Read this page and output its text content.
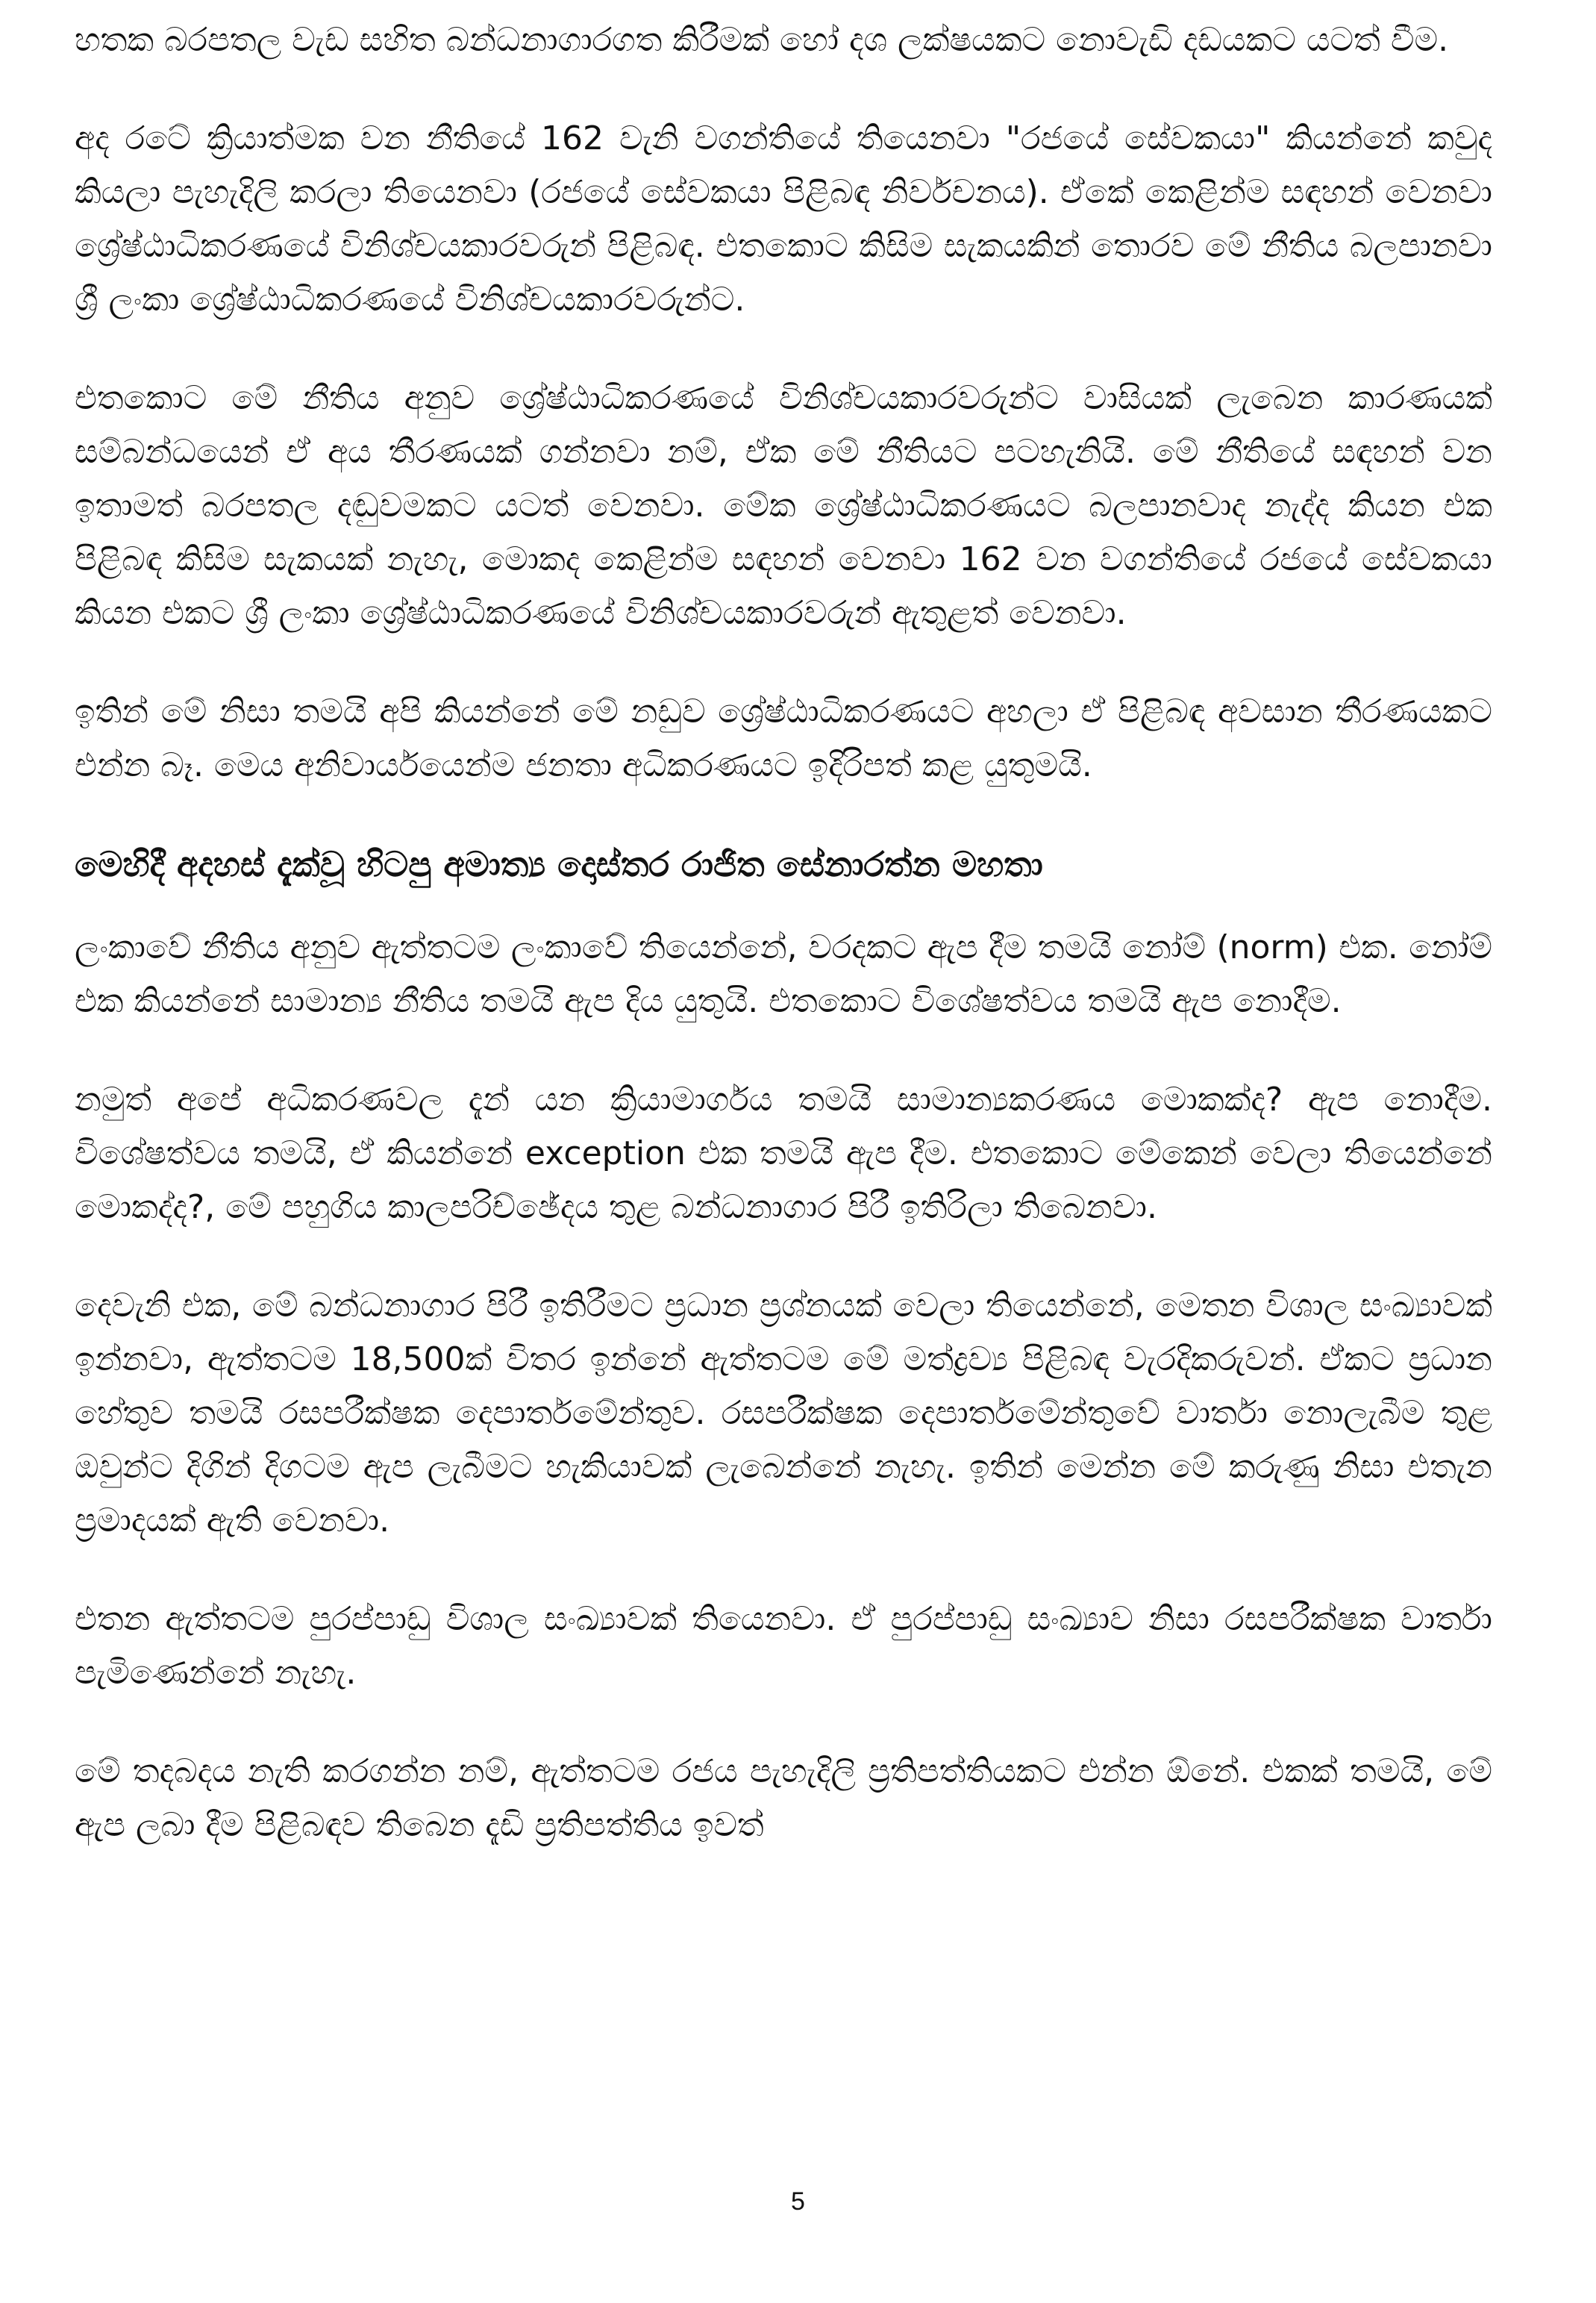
හතක බරපතල වැඩ සහිත බන්ධනාගාරගත කිරීමක් හෝ දශ ලක්ෂයකට නොවැඩි දඩයකට යටත් වීම.

අද රටේ ක්‍රියාත්මක වන නීතියේ 162 වැනි වගන්තියේ තියෙනවා "රජයේ සේවකයා" කියන්නේ කවුද කියලා පැහැදිලි කරලා තියෙනවා (රජයේ සේවකයා පිළිබඳ නිර්වචනය). ඒකේ කෙළින්ම සඳහන් වෙනවා ශ්‍රේෂ්ඨාධිකරණයේ විනිශ්චයකාරවරුන් පිළිබඳ. එතකොට කිසිම සැකයකින් තොරව මේ නීතිය බලපානවා ශ්‍රී ලංකා ශ්‍රේෂ්ඨාධිකරණයේ විනිශ්චයකාරවරුන්ට.

එතකොට මේ නීතිය අනුව ශ්‍රේෂ්ඨාධිකරණයේ විනිශ්චයකාරවරුන්ට වාසියක් ලැබෙන කාරණයක් සම්බන්ධයෙන් ඒ අය තීරණයක් ගන්නවා නම්, ඒක මේ නීතියට පටහැනියි. මේ නීතියේ සඳහන් වන ඉතාමත් බරපතල දඬුවමකට යටත් වෙනවා. මේක ශ්‍රේෂ්ඨාධිකරණයට බලපානවාද නැද්ද කියන එක පිළිබඳ කිසිම සැකයක් නැහැ, මොකද කෙළින්ම සඳහන් වෙනවා 162 වන වගන්තියේ රජයේ සේවකයා කියන එකට ශ්‍රී ලංකා ශ්‍රේෂ්ඨාධිකරණයේ විනිශ්චයකාරවරුන් ඇතුළත් වෙනවා.

ඉතින් මේ නිසා තමයි අපි කියන්නේ මේ නඩුව ශ්‍රේෂ්ඨාධිකරණයට අහලා ඒ පිළිබඳ අවසාන තීරණයකට එන්න බෑ. මෙය අනිවාර්යයෙන්ම ජනතා අධිකරණයට ඉදිරිපත් කළ යුතුමයි.

මෙහිදී අදහස් දැක්වූ හිටපු අමාත්‍ය දොස්තර රාජිත සේනාරත්න මහතා

ලංකාවේ නීතිය අනුව ඇත්තටම ලංකාවේ තියෙන්නේ, වරදකට ඇප දීම තමයි නෝම් (norm) එක. නෝම් එක කියන්නේ සාමාන්‍ය නීතිය තමයි ඇප දිය යුතුයි. එතකොට විශේෂත්වය තමයි ඇප නොදීම.

නමුත් අපේ අධිකරණවල දැන් යන ක්‍රියාමාර්ගය තමයි සාමාන්‍යකරණය මොකක්ද? ඇප නොදීම. විශේෂත්වය තමයි, ඒ කියන්නේ exception එක තමයි ඇප දීම. එතකොට මේකෙන් වෙලා තියෙන්නේ මොකද්ද?, මේ පහුගිය කාලපරිච්ඡේදය තුළ බන්ධනාගාර පිරී ඉතිරිලා තිබෙනවා.

දෙවැනි එක, මේ බන්ධනාගාර පිරී ඉතිරීමට ප්‍රධාන ප්‍රශ්නයක් වෙලා තියෙන්නේ, මෙතන විශාල සංඛ්‍යාවක් ඉන්නවා, ඇත්තටම 18,500ක් විතර ඉන්නේ ඇත්තටම මේ මත්ද්‍රව්‍ය පිළිබඳ වැරදිකරුවන්. ඒකට ප්‍රධාන හේතුව තමයි රසපරීක්ෂක දෙපාර්තමේන්තුව. රසපරීක්ෂක දෙපාර්තමේන්තුවේ වාර්තා නොලැබීම තුළ ඔවුන්ට දිගින් දිගටම ඇප ලැබීමට හැකියාවක් ලැබෙන්නේ නැහැ. ඉතින් මෙන්න මේ කරුණු නිසා එතැන ප්‍රමාදයක් ඇති වෙනවා.

එතන ඇත්තටම පුරප්පාඩු විශාල සංඛ්‍යාවක් තියෙනවා. ඒ පුරප්පාඩු සංඛ්‍යාව නිසා රසපරීක්ෂක වාර්තා පැමිණෙන්නේ නැහැ.

මේ තදබදය නැති කරගන්න නම්, ඇත්තටම රජය පැහැදිලි ප්‍රතිපත්තියකට එන්න ඕනේ. එකක් තමයි, මේ ඇප ලබා දීම පිළිබඳව තිබෙන දැඩි ප්‍රතිපත්තිය ඉවත්

5
